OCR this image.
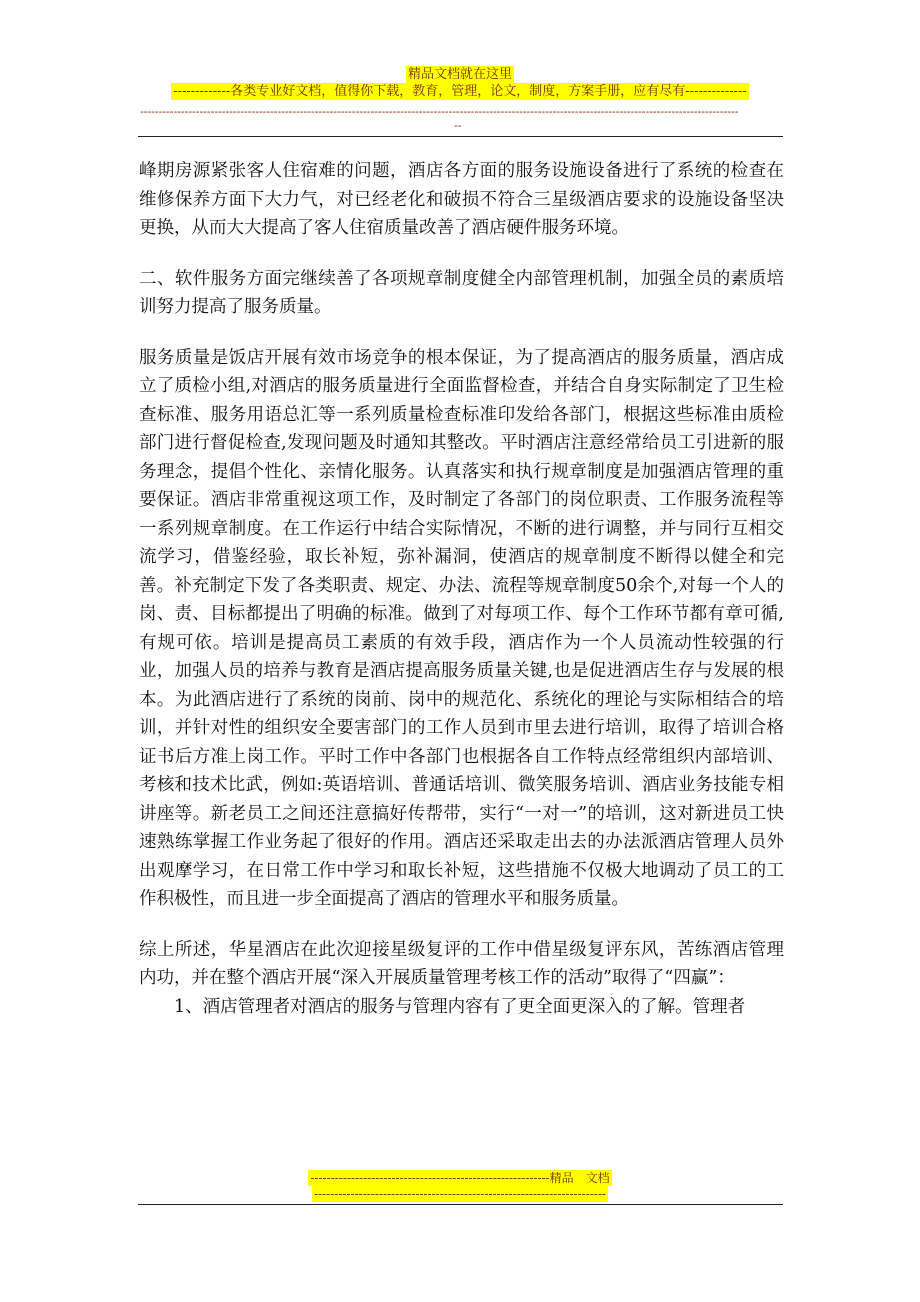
精品文档就在这里
-------------各类专业好文档，值得你下载，教育，管理，论文，制度，方案手册，应有尽有--------------
-----------------------------------------------------------------------------------------------------------------------------------------------------------------
--

峰期房源紧张客人住宿难的问题，酒店各方面的服务设施设备进行了系统的检查在维修保养方面下大力气，对已经老化和破损不符合三星级酒店要求的设施设备坚决更换，从而大大提高了客人住宿质量改善了酒店硬件服务环境。

二、软件服务方面完继续善了各项规章制度健全内部管理机制，加强全员的素质培训努力提高了服务质量。

服务质量是饭店开展有效市场竞争的根本保证，为了提高酒店的服务质量，酒店成立了质检小组,对酒店的服务质量进行全面监督检查，并结合自身实际制定了卫生检查标准、服务用语总汇等一系列质量检查标准印发给各部门，根据这些标准由质检部门进行督促检查,发现问题及时通知其整改。平时酒店注意经常给员工引进新的服务理念，提倡个性化、亲情化服务。认真落实和执行规章制度是加强酒店管理的重要保证。酒店非常重视这项工作，及时制定了各部门的岗位职责、工作服务流程等一系列规章制度。在工作运行中结合实际情况，不断的进行调整，并与同行互相交流学习，借鉴经验，取长补短，弥补漏洞，使酒店的规章制度不断得以健全和完善。补充制定下发了各类职责、规定、办法、流程等规章制度50余个,对每一个人的岗、责、目标都提出了明确的标准。做到了对每项工作、每个工作环节都有章可循,有规可依。培训是提高员工素质的有效手段，酒店作为一个人员流动性较强的行业，加强人员的培养与教育是酒店提高服务质量关键,也是促进酒店生存与发展的根本。为此酒店进行了系统的岗前、岗中的规范化、系统化的理论与实际相结合的培训，并针对性的组织安全要害部门的工作人员到市里去进行培训，取得了培训合格证书后方准上岗工作。平时工作中各部门也根据各自工作特点经常组织内部培训、考核和技术比武，例如:英语培训、普通话培训、微笑服务培训、酒店业务技能专相讲座等。新老员工之间还注意搞好传帮带，实行“一对一”的培训，这对新进员工快速熟练掌握工作业务起了很好的作用。酒店还采取走出去的办法派酒店管理人员外出观摩学习，在日常工作中学习和取长补短，这些措施不仅极大地调动了员工的工作积极性，而且进一步全面提高了酒店的管理水平和服务质量。

综上所述，华星酒店在此次迎接星级复评的工作中借星级复评东风，苦练酒店管理内功，并在整个酒店开展“深入开展质量管理考核工作的活动”取得了“四赢”：

1、酒店管理者对酒店的服务与管理内容有了更全面更深入的了解。管理者

-----------------------------------------------------------精品　文档
------------------------------------------------------------------------
